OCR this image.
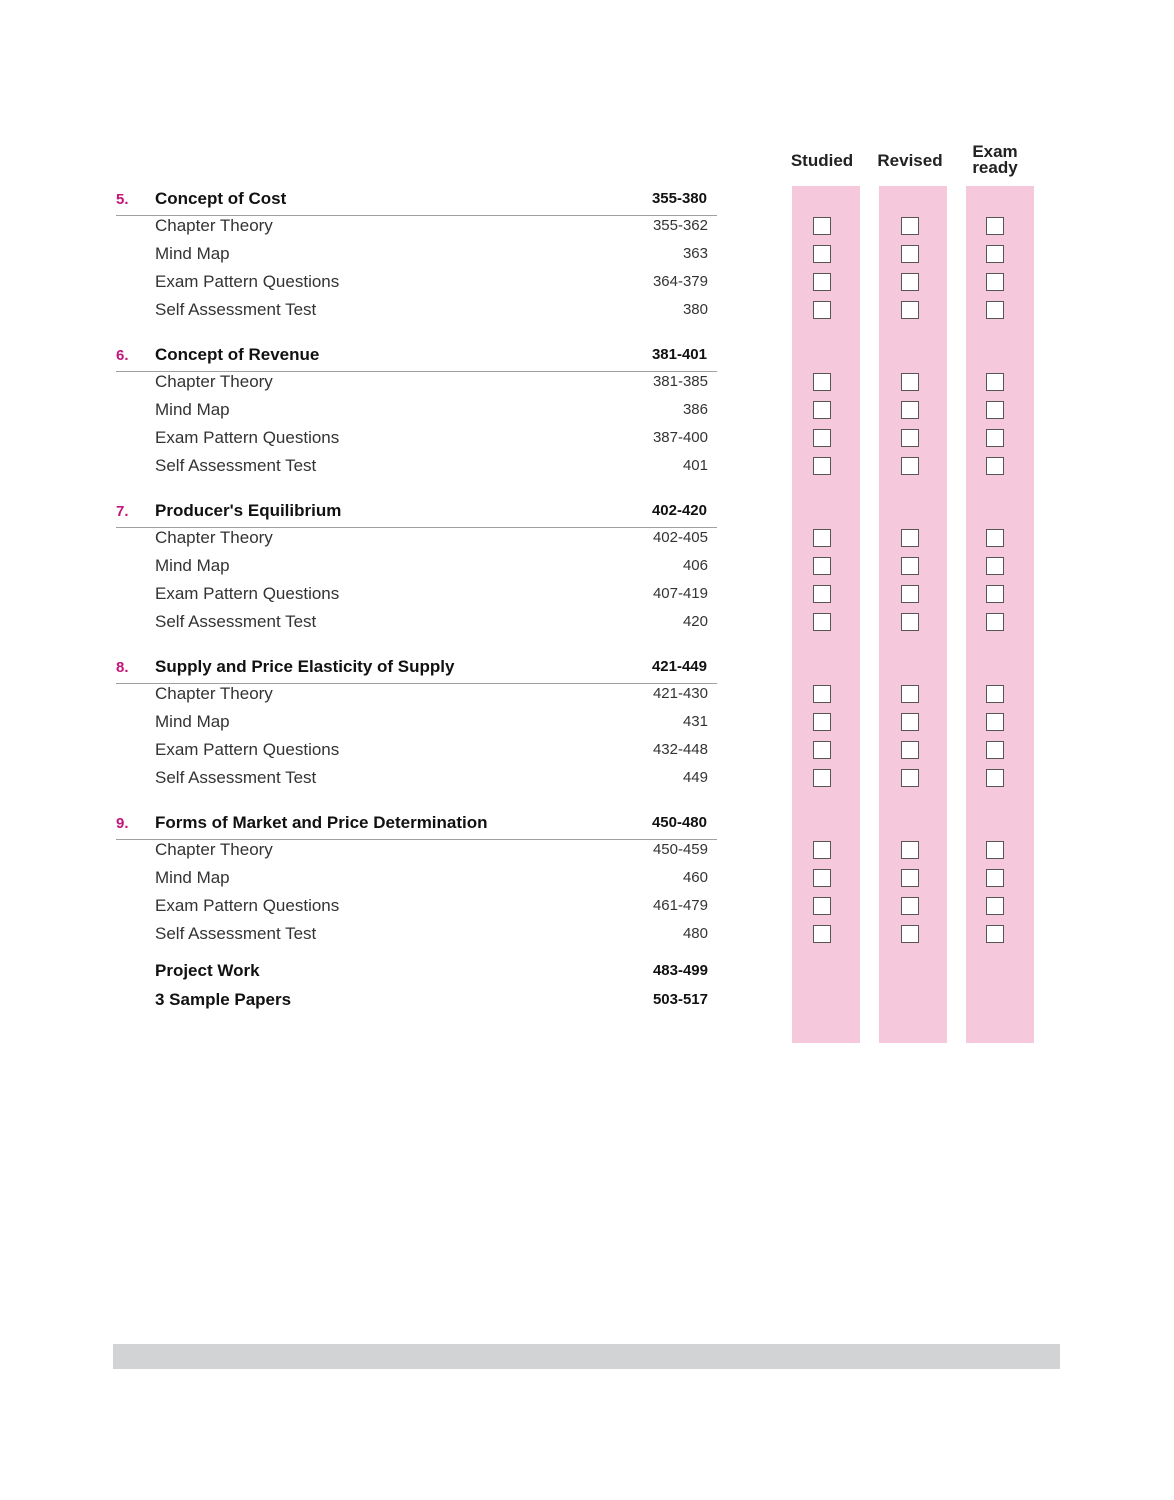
Studied	Revised	Exam
ready
5. Concept of Cost	355-380
Chapter Theory	355-362
Mind Map	363
Exam Pattern Questions	364-379
Self Assessment Test	380
6. Concept of Revenue	381-401
Chapter Theory	381-385
Mind Map	386
Exam Pattern Questions	387-400
Self Assessment Test	401
7. Producer's Equilibrium	402-420
Chapter Theory	402-405
Mind Map	406
Exam Pattern Questions	407-419
Self Assessment Test	420
8. Supply and Price Elasticity of Supply	421-449
Chapter Theory	421-430
Mind Map	431
Exam Pattern Questions	432-448
Self Assessment Test	449
9. Forms of Market and Price Determination	450-480
Chapter Theory	450-459
Mind Map	460
Exam Pattern Questions	461-479
Self Assessment Test	480
Project Work	483-499
3 Sample Papers	503-517
